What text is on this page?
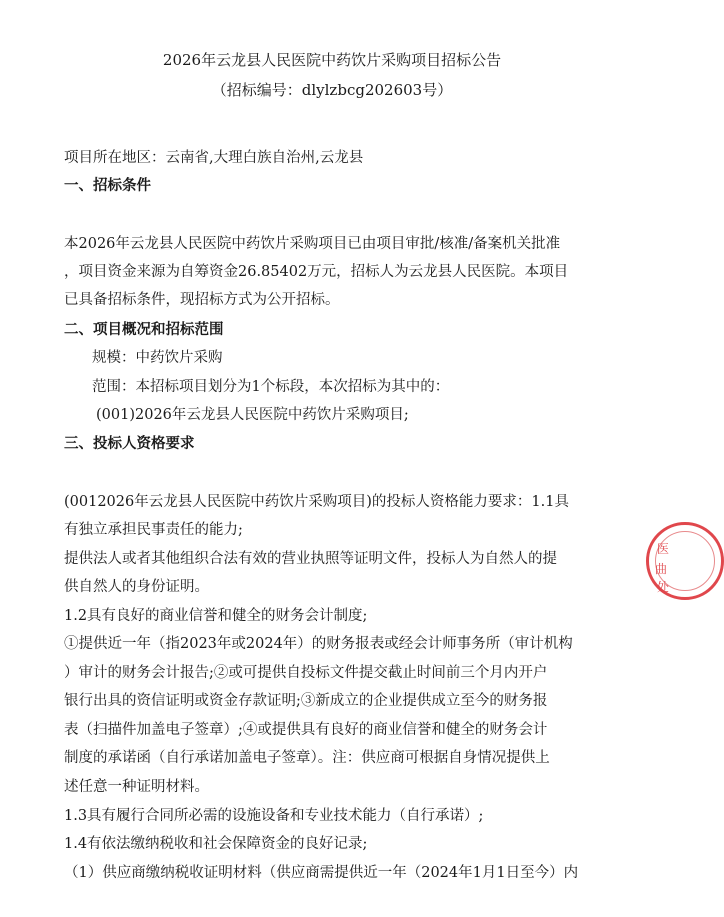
2026年云龙县人民医院中药饮片采购项目招标公告
（招标编号：dlylzbcg202603号）
项目所在地区：云南省,大理白族自治州,云龙县
一、招标条件
本2026年云龙县人民医院中药饮片采购项目已由项目审批/核准/备案机关批准
，项目资金来源为自筹资金26.85402万元，招标人为云龙县人民医院。本项目
已具备招标条件，现招标方式为公开招标。
二、项目概况和招标范围
规模：中药饮片采购
范围：本招标项目划分为1个标段，本次招标为其中的：
(001)2026年云龙县人民医院中药饮片采购项目;
三、投标人资格要求
(0012026年云龙县人民医院中药饮片采购项目)的投标人资格能力要求：1.1具
有独立承担民事责任的能力;
提供法人或者其他组织合法有效的营业执照等证明文件，投标人为自然人的提
供自然人的身份证明。
1.2具有良好的商业信誉和健全的财务会计制度;
①提供近一年（指2023年或2024年）的财务报表或经会计师事务所（审计机构
）审计的财务会计报告;②或可提供自投标文件提交截止时间前三个月内开户
银行出具的资信证明或资金存款证明;③新成立的企业提供成立至今的财务报
表（扫描件加盖电子签章）;④或提供具有良好的商业信誉和健全的财务会计
制度的承诺函（自行承诺加盖电子签章）。注：供应商可根据自身情况提供上
述任意一种证明材料。
1.3具有履行合同所必需的设施设备和专业技术能力（自行承诺）;
1.4有依法缴纳税收和社会保障资金的良好记录;
（1）供应商缴纳税收证明材料（供应商需提供近一年（2024年1月1日至今）内
医
曲
处
